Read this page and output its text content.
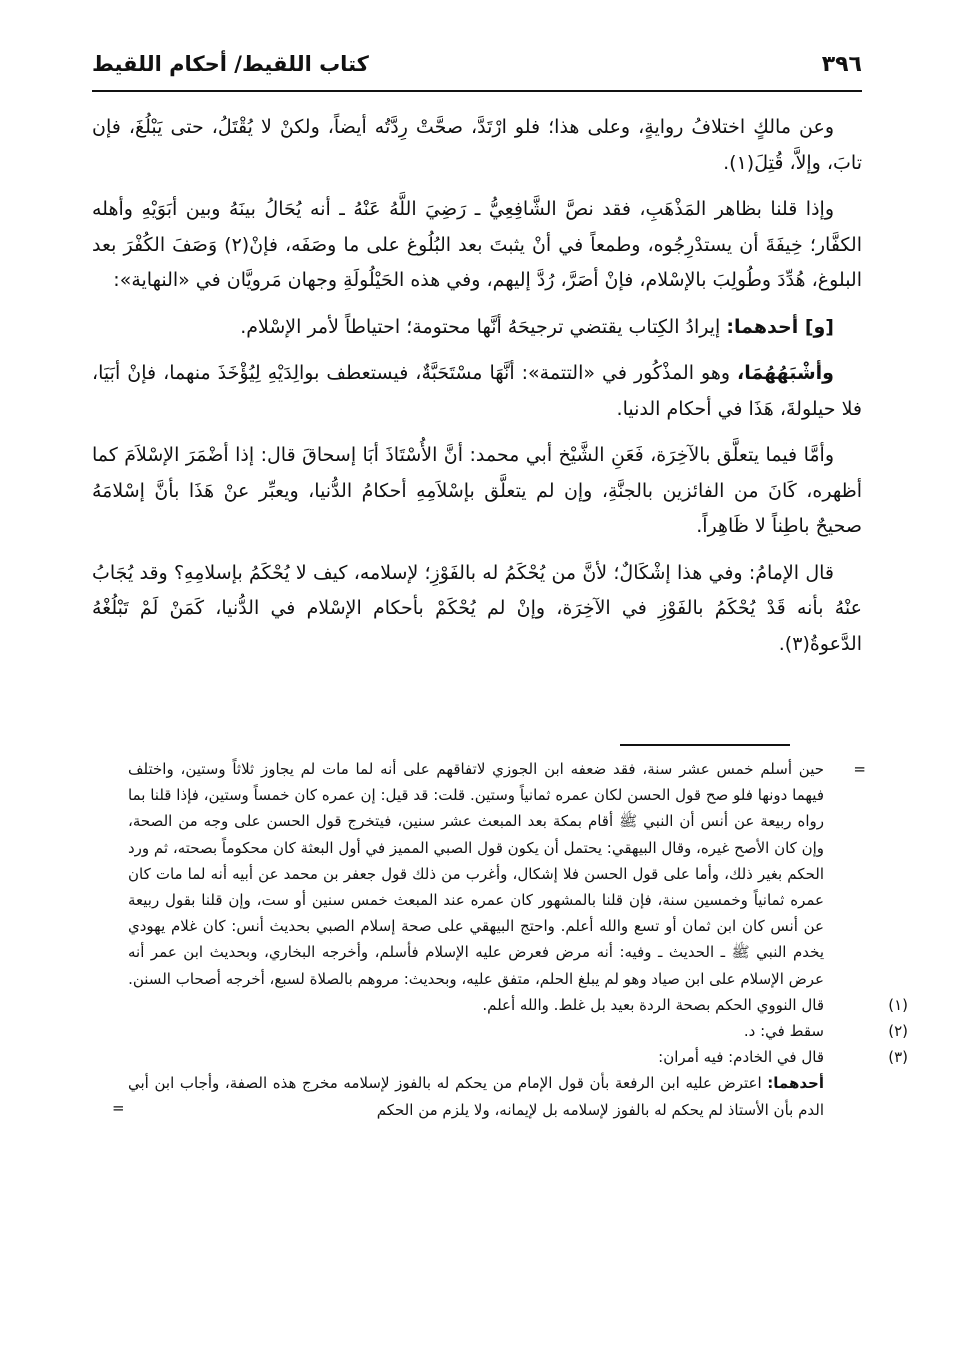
٣٩٦
كتاب اللقيط/ أحكام اللقيط

وعن مالكٍ اختلافُ روايةٍ، وعلى هذا؛ فلو ارْتَدَّ، صحَّتْ رِدَّتُه أيضاً، ولكنْ لا يُقْتَلُ، حتى يَبْلُغَ، فإن تابَ، وإلاَّ، قُتِلَ(١).

وإذا قلنا بظاهر المَذْهَبِ، فقد نصَّ الشَّافِعِيُّ ـ رَضِيَ اللَّهُ عَنْهُ ـ أنه يُحَالُ بينَهُ وبين أبَوَيْهِ وأهله الكفَّار؛ خِيفَةَ أن يستدْرِجُوه، وطمعاً في أنْ يثبتَ بعد البُلُوغ على ما وصَفَه، فإنْ(٢) وَصَفَ الكُفْرَ بعد البلوغ، هُدِّدَ وطُولِبَ بالإسْلام، فإنْ أصَرَّ، رُدَّ إليهم، وفي هذه الحَيْلُولَةِ وجهان مَرويَّان في «النهاية»:

[و] أحدهما: إيرادُ الكِتاب يقتضي ترجيحَهُ أنَّها محتومة؛ احتياطاً لأمر الإسْلام.

وأشْبَهُهُمَا، وهو المذْكُور في «التتمة»: أنَّهَا مسْتَحَبَّةٌ، فيستعطف بوالِدَيْهِ لِيُؤْخَذَ منهما، فإنْ أبَيَا، فلا حيلولةَ، هَذَا في أحكام الدنيا.

وأمَّا فيما يتعلَّق بالآخِرَة، فَعَنِ الشَّيْخ أبي محمد: أنَّ الأُسْتَاذَ أبَا إسحاقَ قال: إذا أضْمَرَ الإسْلاَمَ كما أظهره، كَانَ من الفائزين بالجنَّةِ، وإن لم يتعلَّق بإسْلاَمِهِ أحكامُ الدُّنيا، ويعبِّر عنْ هَذَا بأنَّ إسْلامَهُ صحيحٌ باطِناً لا ظَاهِراً.

قال الإمامُ: وفي هذا إشْكَالٌ؛ لأنَّ من يُحْكَمُ له بالفَوْزِ؛ لإسلامه، كيف لا يُحْكَمُ بإسلامِهِ؟ وقد يُجَابُ عنْهُ بأنه قَدْ يُحْكَمُ بالفَوْزِ في الآخِرَة، وإنْ لم يُحْكَمْ بأحكام الإسْلام في الدُّنيا، كَمَنْ لَمْ تَبْلُغْهُ الدَّعوةُ(٣).

=
حين أسلم خمس عشر سنة، فقد ضعفه ابن الجوزي لاتفاقهم على أنه لما مات لم يجاوز ثلاثاً وستين، واختلف فيهما دونها فلو صح قول الحسن لكان عمره ثمانياً وستين. قلت: قد قيل: إن عمره كان خمساً وستين، فإذا قلنا بما رواه ربيعة عن أنس أن النبي ﷺ أقام بمكة بعد المبعث عشر سنين، فيتخرج قول الحسن على وجه من الصحة، وإن كان الأصح غيره، وقال البيهقي: يحتمل أن يكون قول الصبي المميز في أول البعثة كان محكوماً بصحته، ثم ورد الحكم بغير ذلك، وأما على قول الحسن فلا إشكال، وأغرب من ذلك قول جعفر بن محمد عن أبيه أنه لما مات كان عمره ثمانياً وخمسين سنة، فإن قلنا بالمشهور كان عمره عند المبعث خمس سنين أو ست، وإن قلنا بقول ربيعة عن أنس كان ابن ثمان أو تسع والله أعلم. واحتج البيهقي على صحة إسلام الصبي بحديث أنس: كان غلام يهودي يخدم النبي ﷺ ـ الحديث ـ وفيه: أنه مرض فعرض عليه الإسلام فأسلم، وأخرجه البخاري، وبحديث ابن عمر أنه عرض الإسلام على ابن صياد وهو لم يبلغ الحلم، متفق عليه، وبحديث: مروهم بالصلاة لسبع، أخرجه أصحاب السنن.

(١)
قال النووي الحكم بصحة الردة بعيد بل غلط. والله أعلم.
(٢)
سقط في: د.
(٣)
قال في الخادم: فيه أمران:

أحدهما: اعترض عليه ابن الرفعة بأن قول الإمام من يحكم له بالفوز لإسلامه مخرج هذه الصفة، وأجاب ابن أبي الدم بأن الأستاذ لم يحكم له بالفوز لإسلامه بل لإيمانه، ولا يلزم من الحكم
=
